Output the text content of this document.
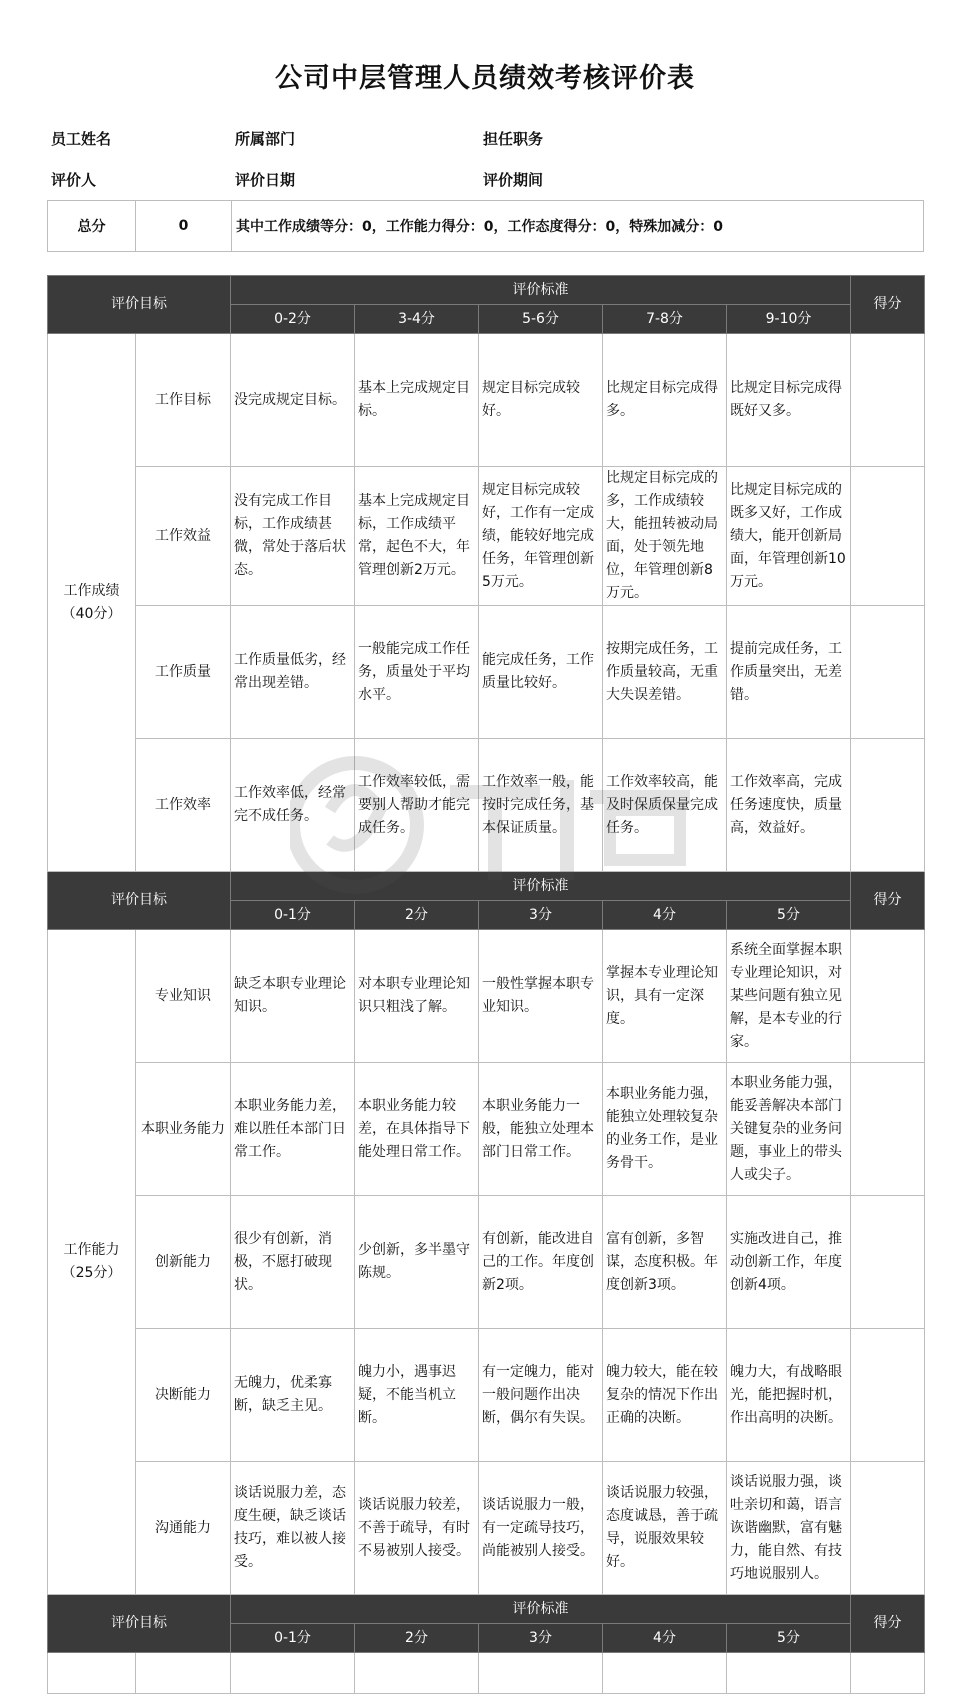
公司中层管理人员绩效考核评价表
员工姓名	所属部门	担任职务
评价人	评价日期	评价期间
总分	0	其中工作成绩等分：0，工作能力得分：0，工作态度得分：0，特殊加减分：0
评价目标		评价标准					得分
		0-2分	3-4分	5-6分	7-8分	9-10分	
工作成绩
（40分）	工作目标	没完成规定目标。	基本上完成规定目标。	规定目标完成较好。	比规定目标完成得多。	比规定目标完成得既好又多。	
	工作效益	没有完成工作目标，工作成绩甚微，常处于落后状态。	基本上完成规定目标，工作成绩平常，起色不大，年管理创新2万元。	规定目标完成较好，工作有一定成绩，能较好地完成任务，年管理创新5万元。	比规定目标完成的多，工作成绩较大，能扭转被动局面，处于领先地位，年管理创新8万元。	比规定目标完成的既多又好，工作成绩大，能开创新局面，年管理创新10万元。	
	工作质量	工作质量低劣，经常出现差错。	一般能完成工作任务，质量处于平均水平。	能完成任务，工作质量比较好。	按期完成任务，工作质量较高，无重大失误差错。	提前完成任务，工作质量突出，无差错。	
	工作效率	工作效率低，经常完不成任务。	工作效率较低，需要别人帮助才能完成任务。	工作效率一般，能按时完成任务，基本保证质量。	工作效率较高，能及时保质保量完成任务。	工作效率高，完成任务速度快，质量高，效益好。	
评价目标		评价标准					得分
		0-1分	2分	3分	4分	5分	
工作能力
（25分）	专业知识	缺乏本职专业理论知识。	对本职专业理论知识只粗浅了解。	一般性掌握本职专业知识。	掌握本专业理论知识，具有一定深度。	系统全面掌握本职专业理论知识，对某些问题有独立见解，是本专业的行家。	
	本职业务能力	本职业务能力差，难以胜任本部门日常工作。	本职业务能力较差，在具体指导下能处理日常工作。	本职业务能力一般，能独立处理本部门日常工作。	本职业务能力强，能独立处理较复杂的业务工作，是业务骨干。	本职业务能力强，能妥善解决本部门关键复杂的业务问题，事业上的带头人或尖子。	
	创新能力	很少有创新，消极，不愿打破现状。	少创新，多半墨守陈规。	有创新，能改进自己的工作。年度创新2项。	富有创新，多智谋，态度积极。年度创新3项。	实施改进自己，推动创新工作，年度创新4项。	
	决断能力	无魄力，优柔寡断，缺乏主见。	魄力小，遇事迟疑，不能当机立断。	有一定魄力，能对一般问题作出决断，偶尔有失误。	魄力较大，能在较复杂的情况下作出正确的决断。	魄力大，有战略眼光，能把握时机，作出高明的决断。	
	沟通能力	谈话说服力差，态度生硬，缺乏谈话技巧，难以被人接受。	谈话说服力较差，不善于疏导，有时不易被别人接受。	谈话说服力一般，有一定疏导技巧，尚能被别人接受。	谈话说服力较强，态度诚恳，善于疏导，说服效果较好。	谈话说服力强，谈吐亲切和蔼，语言诙谐幽默，富有魅力，能自然、有技巧地说服别人。	
评价目标		评价标准					得分
		0-1分	2分	3分	4分	5分	
